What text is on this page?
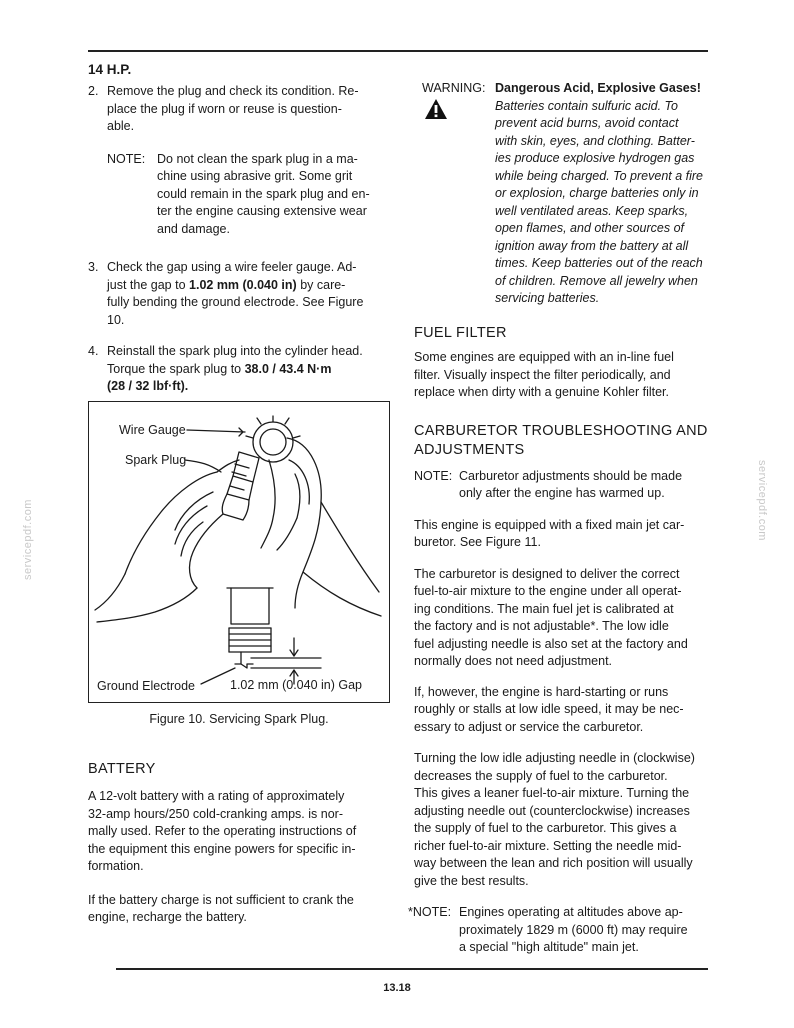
14 H.P.
13.18
servicepdf.com	servicepdf.com
2. Remove the plug and check its condition. Re-

place the plug if worn or reuse is question-

able.

NOTE: Do not clean the spark plug in a ma-

chine using abrasive grit. Some grit

could remain in the spark plug and en-

ter the engine causing extensive wear

and damage.

3. Check the gap using a wire feeler gauge. Ad-

just the gap to 1.02 mm (0.040 in) by care-

fully bending the ground electrode. See Figure

10.

4. Reinstall the spark plug into the cylinder head.

Torque the spark plug to 38.0 / 43.4 N·m

(28 / 32 lbf·ft).

Wire Gauge
Spark Plug
Ground Electrode	1.02 mm (0.040 in) Gap
Figure 10. Servicing Spark Plug.
BATTERY

A 12-volt battery with a rating of approximately

32-amp hours/250 cold-cranking amps. is nor-

mally used. Refer to the operating instructions of

the equipment this engine powers for specific in-

formation.

If the battery charge is not sufficient to crank the

engine, recharge the battery.

WARNING: Dangerous Acid, Explosive Gases!

Batteries contain sulfuric acid. To

prevent acid burns, avoid contact

with skin, eyes, and clothing. Batter-

ies produce explosive hydrogen gas

while being charged. To prevent a fire

or explosion, charge batteries only in

well ventilated areas. Keep sparks,

open flames, and other sources of

ignition away from the battery at all

times. Keep batteries out of the reach

of children. Remove all jewelry when

servicing batteries.

FUEL FILTER

Some engines are equipped with an in-line fuel

filter. Visually inspect the filter periodically, and

replace when dirty with a genuine Kohler filter.

CARBURETOR TROUBLESHOOTING AND

ADJUSTMENTS

NOTE: Carburetor adjustments should be made

only after the engine has warmed up.

This engine is equipped with a fixed main jet car-

buretor. See Figure 11.

The carburetor is designed to deliver the correct

fuel-to-air mixture to the engine under all operat-

ing conditions. The main fuel jet is calibrated at

the factory and is not adjustable*. The low idle

fuel adjusting needle is also set at the factory and

normally does not need adjustment.

If, however, the engine is hard-starting or runs

roughly or stalls at low idle speed, it may be nec-

essary to adjust or service the carburetor.

Turning the low idle adjusting needle in (clockwise)

decreases the supply of fuel to the carburetor.

This gives a leaner fuel-to-air mixture. Turning the

adjusting needle out (counterclockwise) increases

the supply of fuel to the carburetor. This gives a

richer fuel-to-air mixture. Setting the needle mid-

way between the lean and rich position will usually

give the best results.

*NOTE: Engines operating at altitudes above ap-

proximately 1829 m (6000 ft) may require

a special "high altitude" main jet.
